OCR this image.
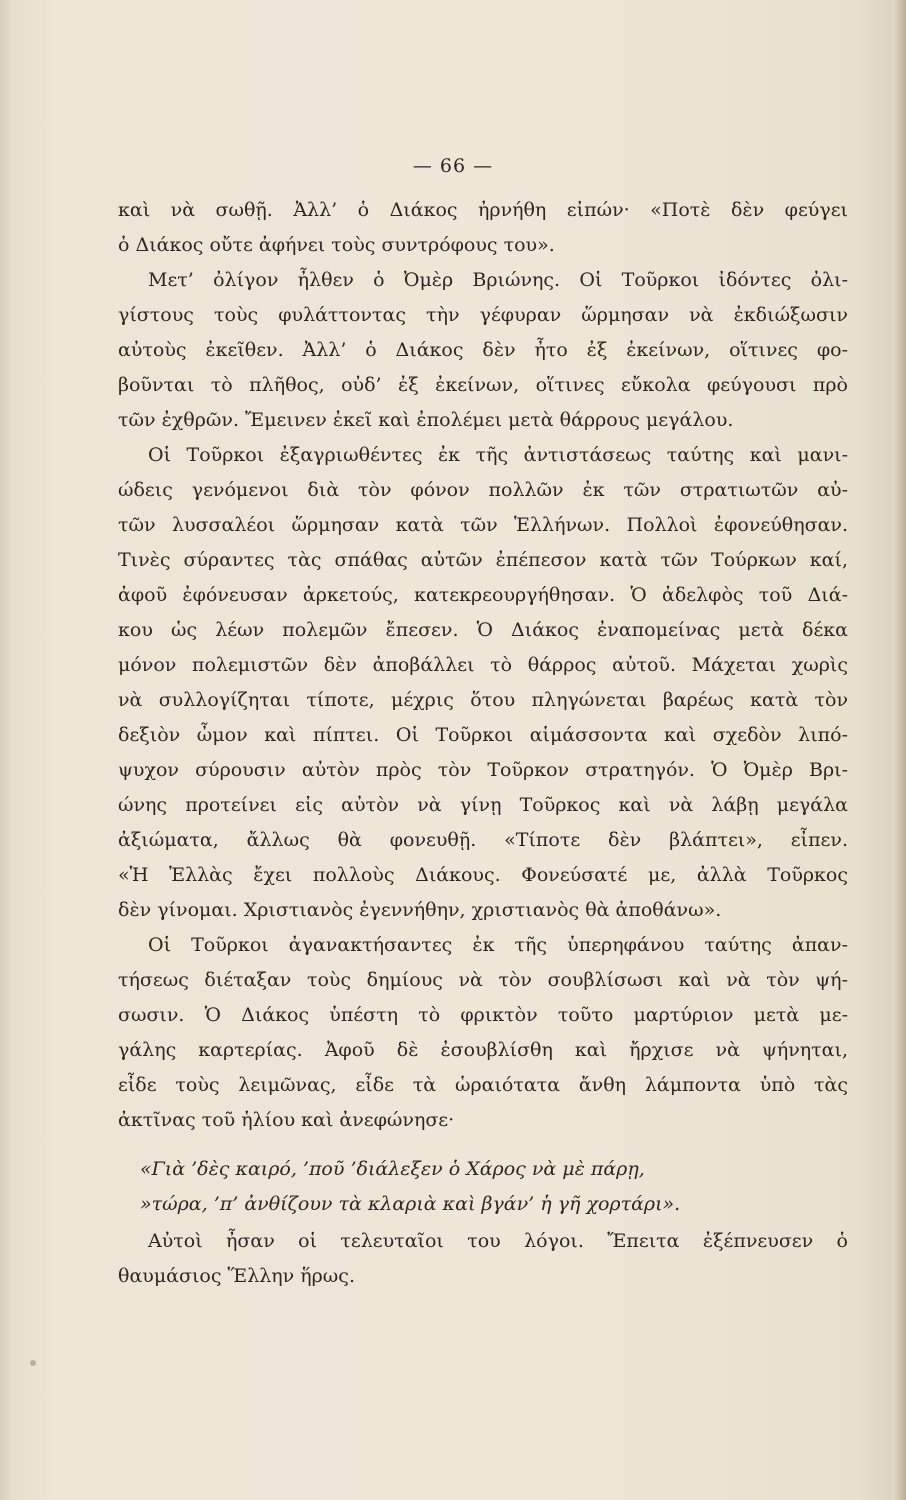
— 66 —
καὶ νὰ σωθῇ. Ἀλλ’ ὁ Διάκος ἠρνήθη εἰπών· «Ποτὲ δὲν φεύγει
ὁ Διάκος οὔτε ἀφήνει τοὺς συντρόφους του».
Μετ’ ὀλίγον ἦλθεν ὁ Ὀμὲρ Βριώνης. Οἱ Τοῦρκοι ἰδόντες ὀλι-
γίστους τοὺς φυλάττοντας τὴν γέφυραν ὥρμησαν νὰ ἐκδιώξωσιν
αὐτοὺς ἐκεῖθεν. Ἀλλ’ ὁ Διάκος δὲν ἦτο ἐξ ἐκείνων, οἵτινες φο-
βοῦνται τὸ πλῆθος, οὐδ’ ἐξ ἐκείνων, οἵτινες εὔκολα φεύγουσι πρὸ
τῶν ἐχθρῶν. Ἔμεινεν ἐκεῖ καὶ ἐπολέμει μετὰ θάρρους μεγάλου.
Οἱ Τοῦρκοι ἐξαγριωθέντες ἐκ τῆς ἀντιστάσεως ταύτης καὶ μανι-
ώδεις γενόμενοι διὰ τὸν φόνον πολλῶν ἐκ τῶν στρατιωτῶν αὐ-
τῶν λυσσαλέοι ὥρμησαν κατὰ τῶν Ἑλλήνων. Πολλοὶ ἐφονεύθησαν.
Τινὲς σύραντες τὰς σπάθας αὐτῶν ἐπέπεσον κατὰ τῶν Τούρκων καί,
ἀφοῦ ἐφόνευσαν ἀρκετούς, κατεκρεουργήθησαν. Ὁ ἀδελφὸς τοῦ Διά-
κου ὡς λέων πολεμῶν ἔπεσεν. Ὁ Διάκος ἐναπομείνας μετὰ δέκα
μόνον πολεμιστῶν δὲν ἀποβάλλει τὸ θάρρος αὐτοῦ. Μάχεται χωρὶς
νὰ συλλογίζηται τίποτε, μέχρις ὅτου πληγώνεται βαρέως κατὰ τὸν
δεξιὸν ὦμον καὶ πίπτει. Οἱ Τοῦρκοι αἱμάσσοντα καὶ σχεδὸν λιπό-
ψυχον σύρουσιν αὐτὸν πρὸς τὸν Τοῦρκον στρατηγόν. Ὁ Ὀμὲρ Βρι-
ώνης προτείνει εἰς αὐτὸν νὰ γίνῃ Τοῦρκος καὶ νὰ λάβῃ μεγάλα
ἀξιώματα, ἄλλως θὰ φονευθῇ. «Τίποτε δὲν βλάπτει», εἶπεν.
«Ἡ Ἑλλὰς ἔχει πολλοὺς Διάκους. Φονεύσατέ με, ἀλλὰ Τοῦρκος
δὲν γίνομαι. Χριστιανὸς ἐγεννήθην, χριστιανὸς θὰ ἀποθάνω».
Οἱ Τοῦρκοι ἀγανακτήσαντες ἐκ τῆς ὑπερηφάνου ταύτης ἀπαν-
τήσεως διέταξαν τοὺς δημίους νὰ τὸν σουβλίσωσι καὶ νὰ τὸν ψή-
σωσιν. Ὁ Διάκος ὑπέστη τὸ φρικτὸν τοῦτο μαρτύριον μετὰ με-
γάλης καρτερίας. Ἀφοῦ δὲ ἐσουβλίσθη καὶ ἤρχισε νὰ ψήνηται,
εἶδε τοὺς λειμῶνας, εἶδε τὰ ὡραιότατα ἄνθη λάμποντα ὑπὸ τὰς
ἀκτῖνας τοῦ ἡλίου καὶ ἀνεφώνησε·
«Γιὰ ’δὲς καιρό, ’ποῦ ’διάλεξεν ὁ Χάρος νὰ μὲ πάρῃ,
»τώρα, ’π’ ἀνθίζουν τὰ κλαριὰ καὶ βγάν’ ἡ γῆ χορτάρι».
Αὐτοὶ ἦσαν οἱ τελευταῖοι του λόγοι. Ἔπειτα ἐξέπνευσεν ὁ
θαυμάσιος Ἕλλην ἥρως.
